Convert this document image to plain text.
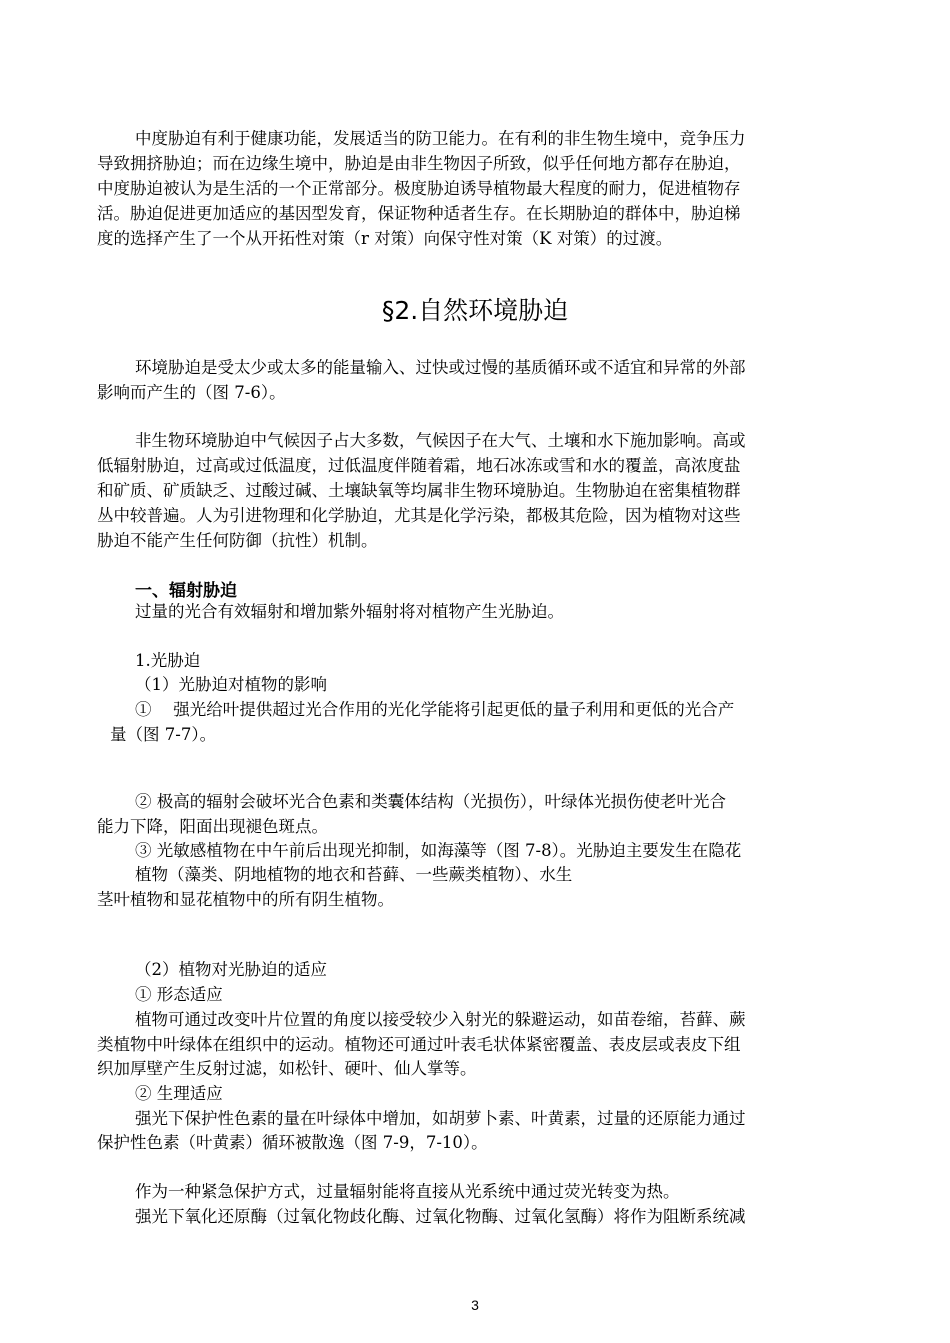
中度胁迫有利于健康功能，发展适当的防卫能力。在有利的非生物生境中，竞争压力
导致拥挤胁迫；而在边缘生境中，胁迫是由非生物因子所致，似乎任何地方都存在胁迫，
中度胁迫被认为是生活的一个正常部分。极度胁迫诱导植物最大程度的耐力，促进植物存
活。胁迫促进更加适应的基因型发育，保证物种适者生存。在长期胁迫的群体中，胁迫梯
度的选择产生了一个从开拓性对策（r 对策）向保守性对策（K 对策）的过渡。
§2.自然环境胁迫
环境胁迫是受太少或太多的能量输入、过快或过慢的基质循环或不适宜和异常的外部
影响而产生的（图 7-6）。
非生物环境胁迫中气候因子占大多数，气候因子在大气、土壤和水下施加影响。高或
低辐射胁迫，过高或过低温度，过低温度伴随着霜，地石冰冻或雪和水的覆盖，高浓度盐
和矿质、矿质缺乏、过酸过碱、土壤缺氧等均属非生物环境胁迫。生物胁迫在密集植物群
丛中较普遍。人为引进物理和化学胁迫，尤其是化学污染，都极其危险，因为植物对这些
胁迫不能产生任何防御（抗性）机制。
一、辐射胁迫
过量的光合有效辐射和增加紫外辐射将对植物产生光胁迫。
1.光胁迫
（1）光胁迫对植物的影响
①　 强光给叶提供超过光合作用的光化学能将引起更低的量子利用和更低的光合产
量（图 7-7）。
② 极高的辐射会破坏光合色素和类囊体结构（光损伤），叶绿体光损伤使老叶光合
能力下降，阳面出现褪色斑点。
③ 光敏感植物在中午前后出现光抑制，如海藻等（图 7-8）。光胁迫主要发生在隐花
植物（藻类、阴地植物的地衣和苔藓、一些蕨类植物）、水生
茎叶植物和显花植物中的所有阴生植物。
（2）植物对光胁迫的适应
① 形态适应
植物可通过改变叶片位置的角度以接受较少入射光的躲避运动，如苗卷缩，苔藓、蕨
类植物中叶绿体在组织中的运动。植物还可通过叶表毛状体紧密覆盖、表皮层或表皮下组
织加厚壁产生反射过滤，如松针、硬叶、仙人掌等。
② 生理适应
强光下保护性色素的量在叶绿体中增加，如胡萝卜素、叶黄素，过量的还原能力通过
保护性色素（叶黄素）循环被散逸（图 7-9，7-10）。
作为一种紧急保护方式，过量辐射能将直接从光系统中通过荧光转变为热。
强光下氧化还原酶（过氧化物歧化酶、过氧化物酶、过氧化氢酶）将作为阻断系统减
3
